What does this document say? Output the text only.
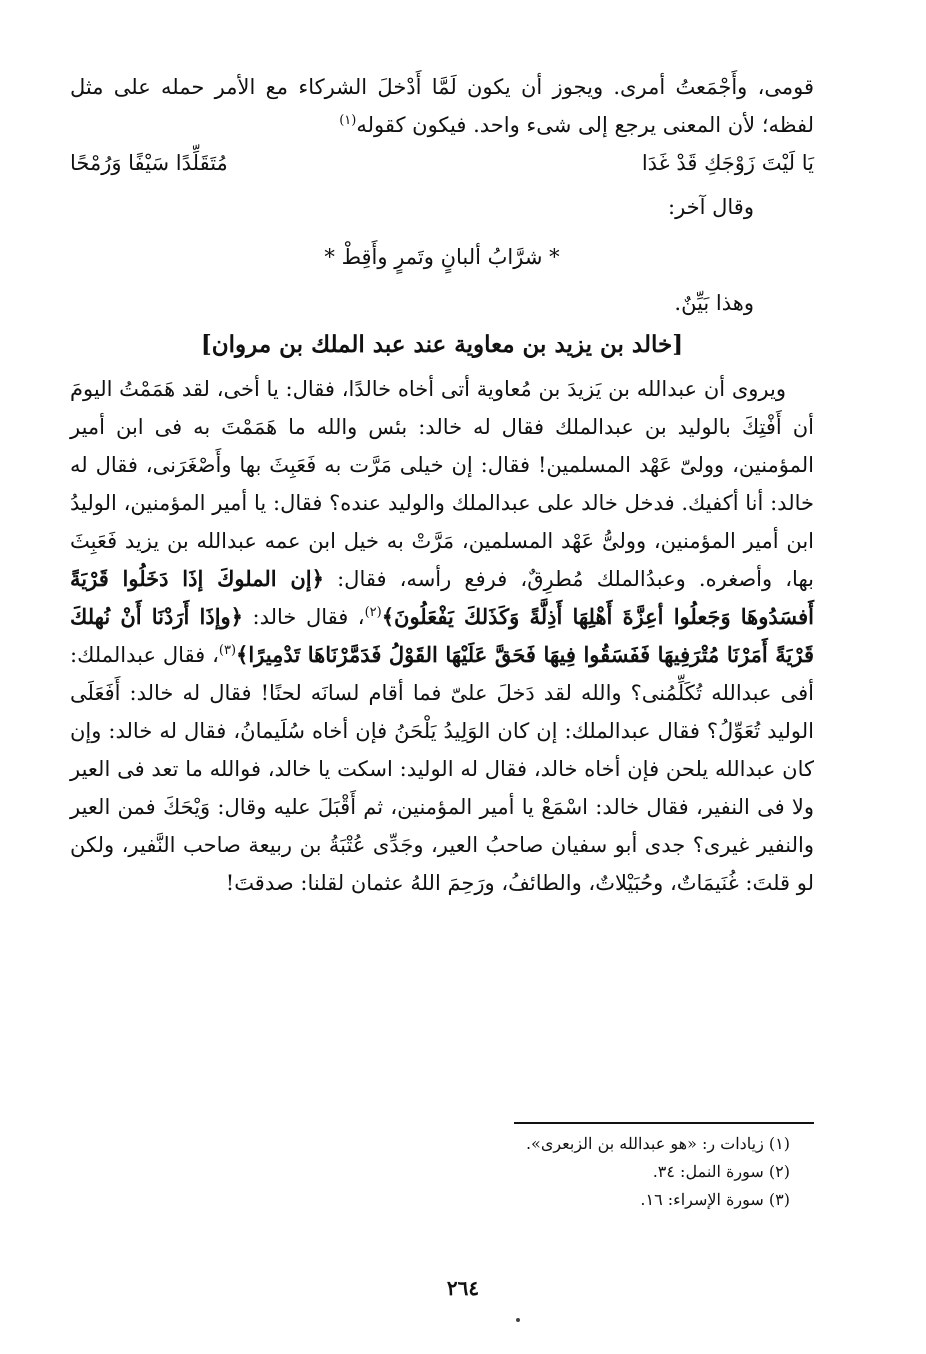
قومى، وأَجْمَعتُ أمرى. ويجوز أن يكون لَمَّا أَدْخلَ الشركاء مع الأمر حمله على مثل لفظه؛ لأن المعنى يرجع إلى شىء واحد. فيكون كقوله$^{(١)}$

يَا لَيْتَ زَوْجَكِ قَدْ غَدَا
مُتَقَلِّدًا سَيْفًا وَرُمْحًا

وقال آخر:

* شرَّابُ ألبانٍ وتَمرٍ وأَقِطْ *

وهذا بَيِّنٌ.

[خالد بن يزيد بن معاوية عند عبد الملك بن مروان]

ويروى أن عبدالله بن يَزيدَ بن مُعاوية أتى أخاه خالدًا، فقال: يا أخى، لقد هَمَمْتُ اليومَ أن أَفْتِكَ بالوليد بن عبدالملك فقال له خالد: بئس والله ما هَمَمْتَ به فى ابن أمير المؤمنين، وولىّ عَهْد المسلمين! فقال: إن خيلى مَرَّت به فَعَبِثَ بها وأَصْغَرَنى، فقال له خالد: أنا أكفيك. فدخل خالد على عبدالملك والوليد عنده؟ فقال: يا أمير المؤمنين، الوليدُ ابن أمير المؤمنين، وولىُّ عَهْد المسلمين، مَرَّتْ به خيل ابن عمه عبدالله بن يزيد فَعَبِثَ بها، وأصغره. وعبدُالملك مُطرِقٌ، فرفع رأسه، فقال: ﴿إن الملوكَ إذَا دَخَلُوا قَرْيَةً أَفسَدُوهَا وَجَعلُوا أعِزَّةَ أَهْلِهَا أَذِلَّةً وَكَذَلكَ يَفْعَلُونَ﴾$^{(٢)}$، فقال خالد: ﴿وإذَا أَرَدْنَا أَنْ نُهلكَ قَرْيَةً أَمَرْنَا مُتْرَفِيهَا فَفَسَقُوا فِيهَا فَحَقَّ عَلَيْهَا القَوْلُ فَدَمَّرْنَاهَا تَدْمِيرًا﴾$^{(٣)}$، فقال عبدالملك: أفى عبدالله تُكَلِّمُنى؟ والله لقد دَخلَ علىّ فما أقام لسانَه لحنًا! فقال له خالد: أَفَعَلَى الوليد تُعَوِّلُ؟ فقال عبدالملك: إن كان الوَلِيدُ يَلْحَنُ فإن أخاه سُلَيمانُ، فقال له خالد: وإن كان عبدالله يلحن فإن أخاه خالد، فقال له الوليد: اسكت يا خالد، فوالله ما تعد فى العير ولا فى النفير، فقال خالد: اسْمَعْ يا أمير المؤمنين، ثم أَقْبَلَ عليه وقال: وَيْحَكَ فمن العير والنفير غيرى؟ جدى أبو سفيان صاحبُ العير، وجَدِّى عُتْبَةُ بن ربيعة صاحب النَّفير، ولكن لو قلتَ: غُنَيمَاتٌ، وحُبَيْلاتٌ، والطائفُ، ورَحِمَ اللهُ عثمان لقلنا: صدقتَ!

(١) زيادات ر: «هو عبدالله بن الزبعرى».
(٢) سورة النمل: ٣٤.
(٣) سورة الإسراء: ١٦.
٢٦٤
